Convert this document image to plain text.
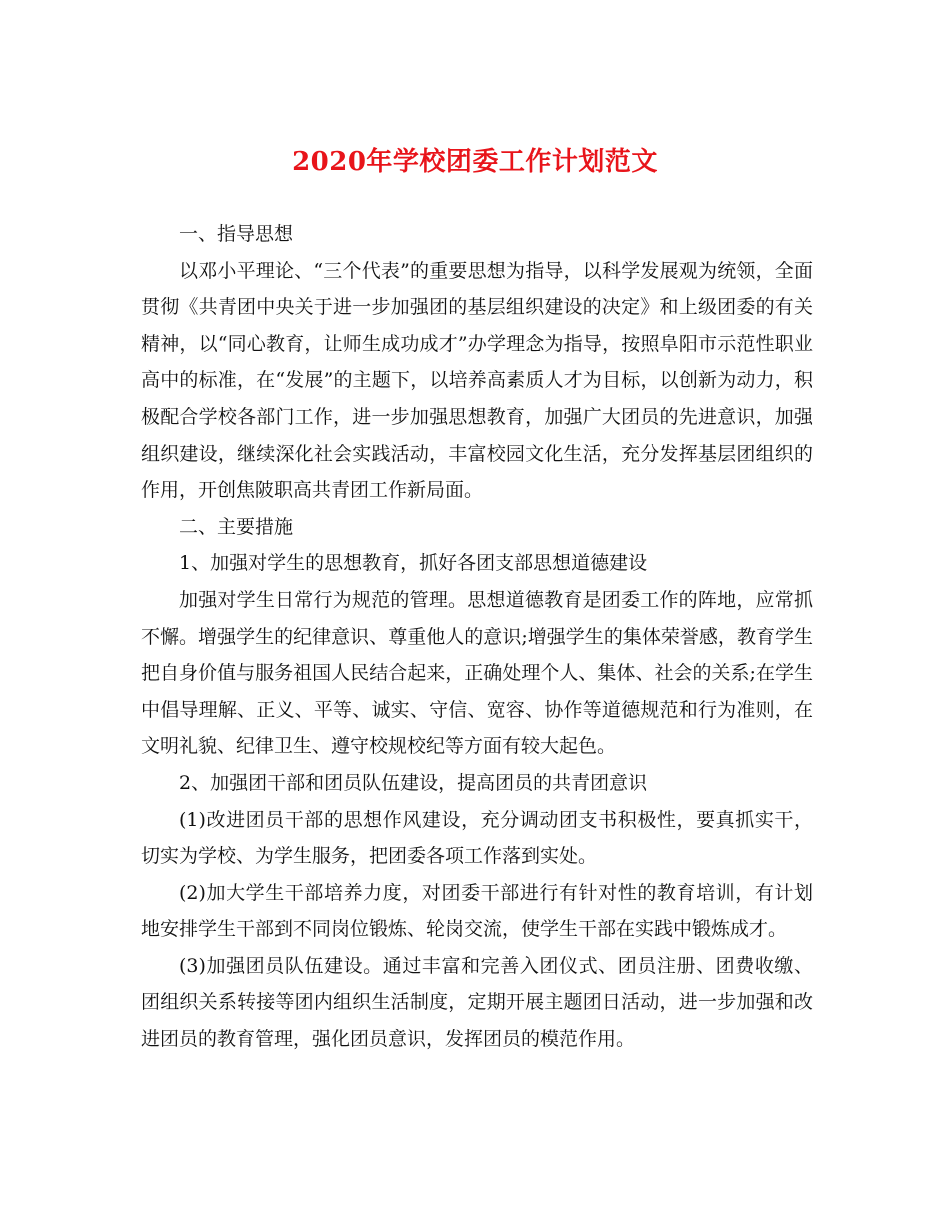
2020年学校团委工作计划范文

一、指导思想

以邓小平理论、“三个代表”的重要思想为指导，以科学发展观为统领，全面贯彻《共青团中央关于进一步加强团的基层组织建设的决定》和上级团委的有关精神，以“同心教育，让师生成功成才”办学理念为指导，按照阜阳市示范性职业高中的标准，在“发展”的主题下，以培养高素质人才为目标，以创新为动力，积极配合学校各部门工作，进一步加强思想教育，加强广大团员的先进意识，加强组织建设，继续深化社会实践活动，丰富校园文化生活，充分发挥基层团组织的作用，开创焦陂职高共青团工作新局面。

二、主要措施

1、加强对学生的思想教育，抓好各团支部思想道德建设

加强对学生日常行为规范的管理。思想道德教育是团委工作的阵地，应常抓不懈。增强学生的纪律意识、尊重他人的意识;增强学生的集体荣誉感，教育学生把自身价值与服务祖国人民结合起来，正确处理个人、集体、社会的关系;在学生中倡导理解、正义、平等、诚实、守信、宽容、协作等道德规范和行为准则，在文明礼貌、纪律卫生、遵守校规校纪等方面有较大起色。

2、加强团干部和团员队伍建设，提高团员的共青团意识

(1)改进团员干部的思想作风建设，充分调动团支书积极性，要真抓实干，切实为学校、为学生服务，把团委各项工作落到实处。

(2)加大学生干部培养力度，对团委干部进行有针对性的教育培训，有计划地安排学生干部到不同岗位锻炼、轮岗交流，使学生干部在实践中锻炼成才。

(3)加强团员队伍建设。通过丰富和完善入团仪式、团员注册、团费收缴、团组织关系转接等团内组织生活制度，定期开展主题团日活动，进一步加强和改进团员的教育管理，强化团员意识，发挥团员的模范作用。
